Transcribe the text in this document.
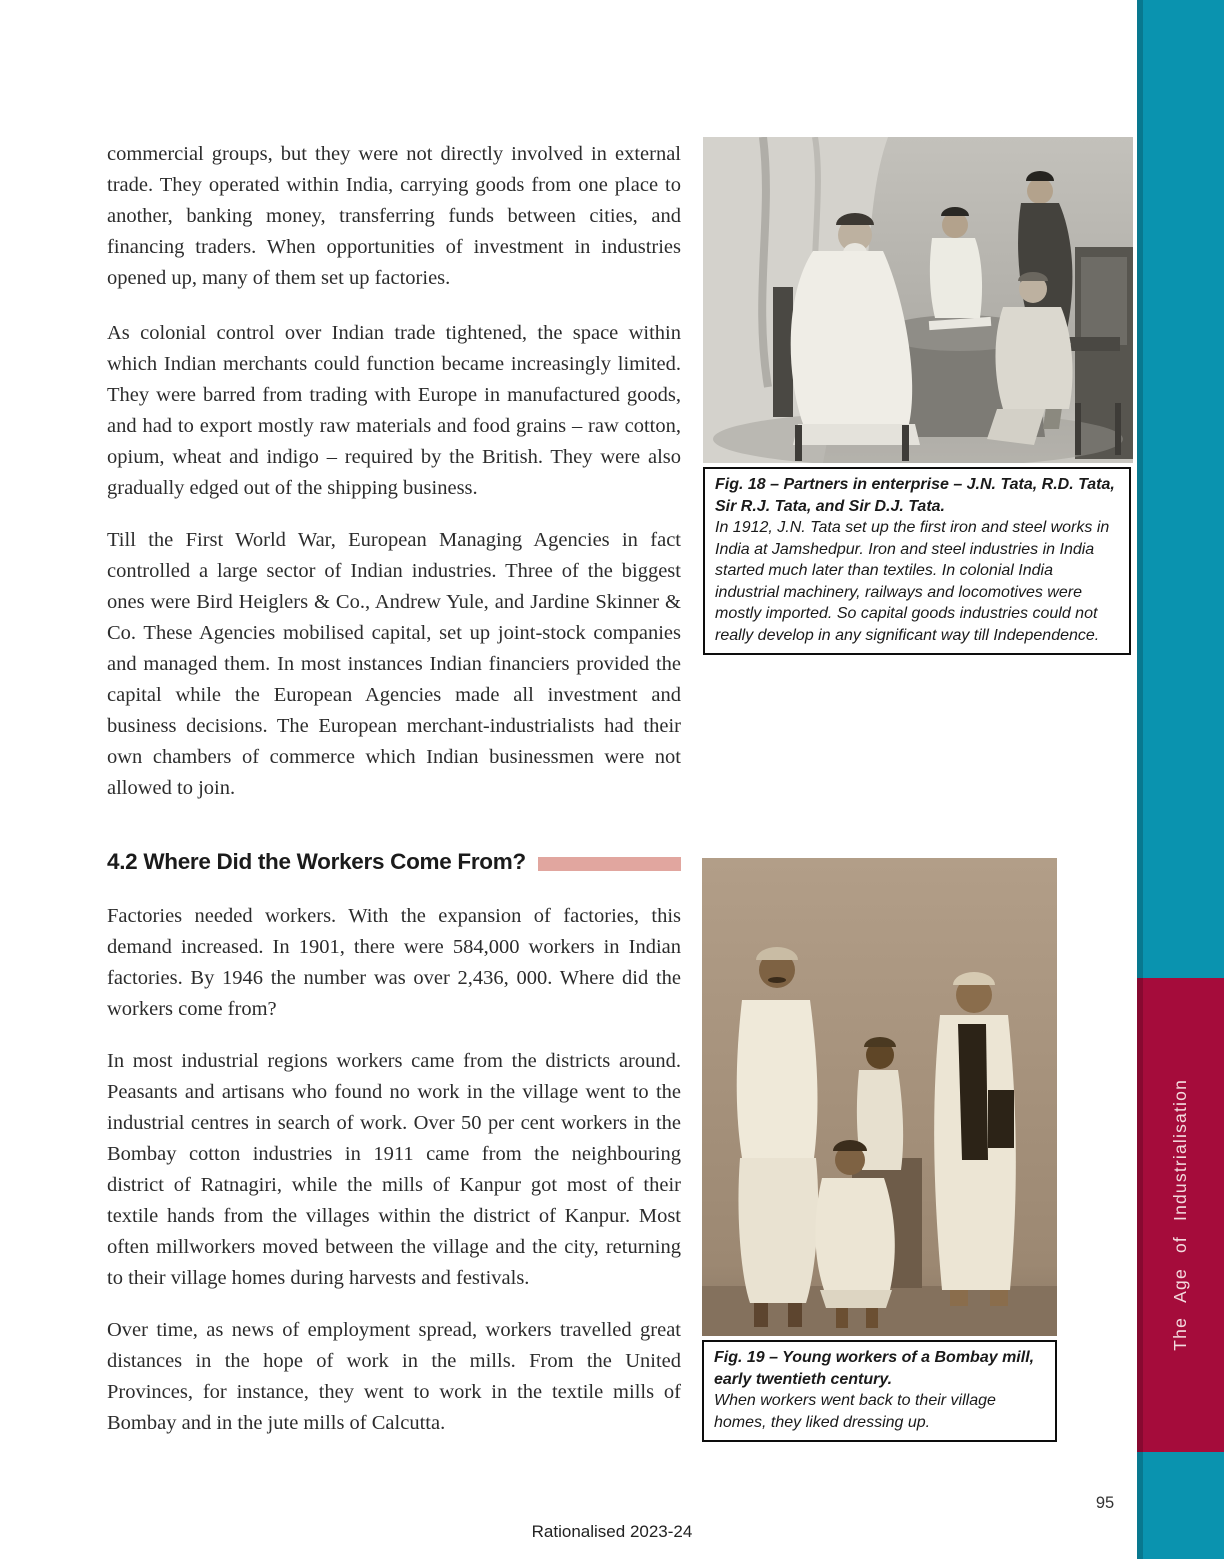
commercial groups, but they were not directly involved in external trade. They operated within India, carrying goods from one place to another, banking money, transferring funds between cities, and financing traders. When opportunities of investment in industries opened up, many of them set up factories.

As colonial control over Indian trade tightened, the space within which Indian merchants could function became increasingly limited. They were barred from trading with Europe in manufactured goods, and had to export mostly raw materials and food grains – raw cotton, opium, wheat and indigo – required by the British. They were also gradually edged out of the shipping business.

Till the First World War, European Managing Agencies in fact controlled a large sector of Indian industries. Three of the biggest ones were Bird Heiglers & Co., Andrew Yule, and Jardine Skinner & Co. These Agencies mobilised capital, set up joint-stock companies and managed them. In most instances Indian financiers provided the capital while the European Agencies made all investment and business decisions. The European merchant-industrialists had their own chambers of commerce which Indian businessmen were not allowed to join.

4.2 Where Did the Workers Come From?

Factories needed workers. With the expansion of factories, this demand increased. In 1901, there were 584,000 workers in Indian factories. By 1946 the number was over 2,436, 000. Where did the workers come from?

In most industrial regions workers came from the districts around. Peasants and artisans who found no work in the village went to the industrial centres in search of work. Over 50 per cent workers in the Bombay cotton industries in 1911 came from the neighbouring district of Ratnagiri, while the mills of Kanpur got most of their textile hands from the villages within the district of Kanpur. Most often millworkers moved between the village and the city, returning to their village homes during harvests and festivals.

Over time, as news of employment spread, workers travelled great distances in the hope of work in the mills. From the United Provinces, for instance, they went to work in the textile mills of Bombay and in the jute mills of Calcutta.

Fig. 18 – Partners in enterprise – J.N. Tata, R.D. Tata, Sir R.J. Tata, and Sir D.J. Tata.
In 1912, J.N. Tata set up the first iron and steel works in India at Jamshedpur. Iron and steel industries in India started much later than textiles. In colonial India industrial machinery, railways and locomotives were mostly imported. So capital goods industries could not really develop in any significant way till Independence.
Fig. 19 – Young workers of a Bombay mill, early twentieth century.
When workers went back to their village homes, they liked dressing up.
The Age of Industrialisation
95
Rationalised 2023-24
